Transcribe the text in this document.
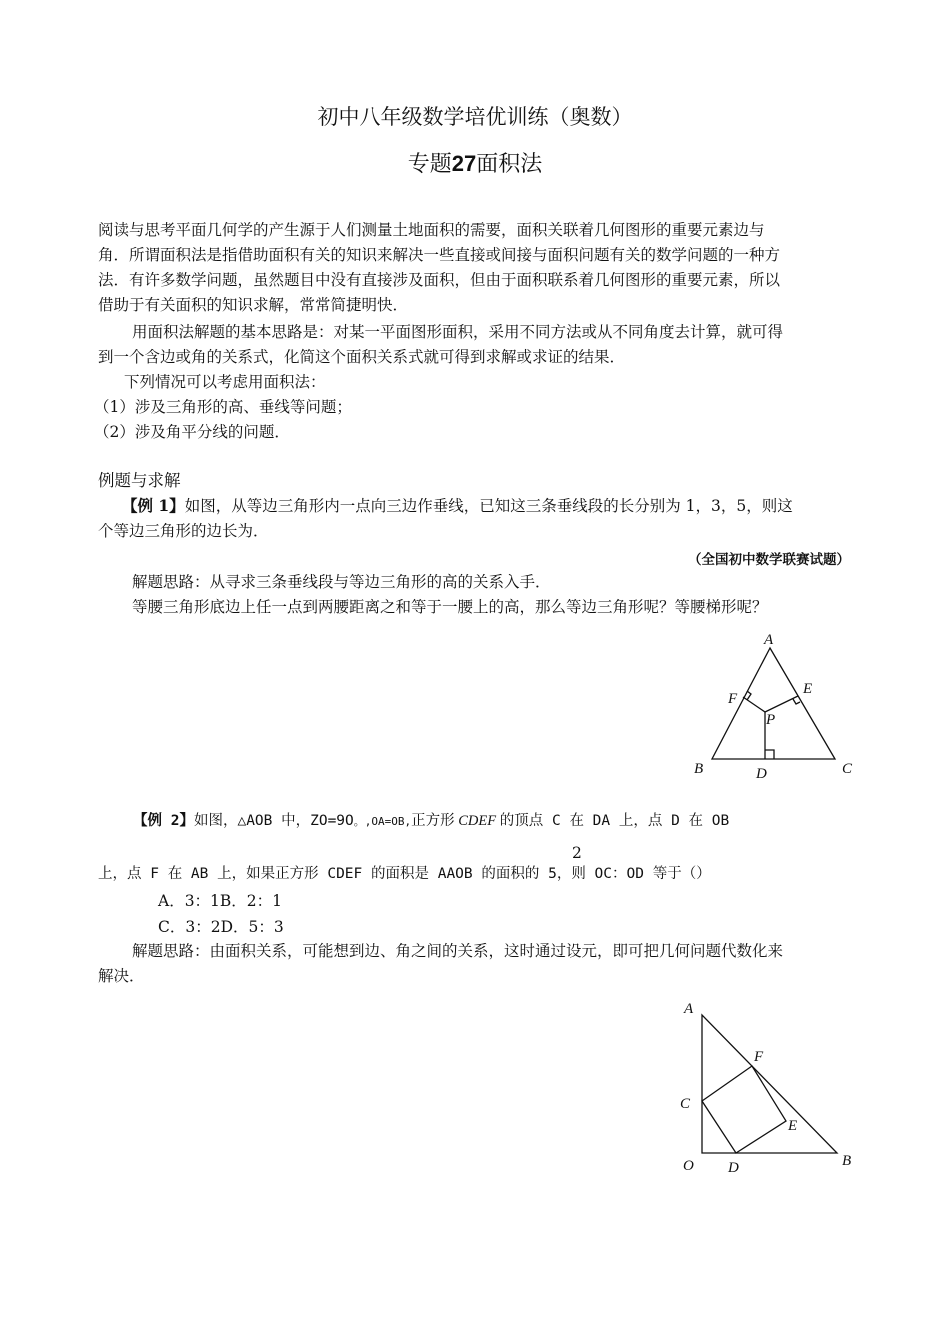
初中八年级数学培优训练（奥数）
专题27面积法
阅读与思考平面几何学的产生源于人们测量土地面积的需要，面积关联着几何图形的重要元素边与
角．所谓面积法是指借助面积有关的知识来解决一些直接或间接与面积问题有关的数学问题的一种方
法．有许多数学问题，虽然题目中没有直接涉及面积，但由于面积联系着几何图形的重要元素，所以
借助于有关面积的知识求解，常常简捷明快．
用面积法解题的基本思路是：对某一平面图形面积，采用不同方法或从不同角度去计算，就可得
到一个含边或角的关系式，化简这个面积关系式就可得到求解或求证的结果．
下列情况可以考虑用面积法：
（1）涉及三角形的高、垂线等问题；
（2）涉及角平分线的问题．
例题与求解
【例 1】如图，从等边三角形内一点向三边作垂线，已知这三条垂线段的长分别为 1，3，5，则这
个等边三角形的边长为．
（全国初中数学联赛试题）
解题思路：从寻求三条垂线段与等边三角形的高的关系入手．
等腰三角形底边上任一点到两腰距离之和等于一腰上的高，那么等边三角形呢？等腰梯形呢？
A
B	C
D
E
F
P
【例 2】如图，△AOB 中，ZO=9O。,OA=OB,正方形 CDEF 的顶点 C 在 DA 上，点 D 在 OB
2
上，点 F 在 AB 上，如果正方形 CDEF 的面积是 AAOB 的面积的 5，则 OC：OD 等于（）
A．3：1B．2：1
C．3：2D．5：3
解题思路：由面积关系，可能想到边、角之间的关系，这时通过设元，即可把几何问题代数化来
解决．
A
O	B
C
D
E
F
